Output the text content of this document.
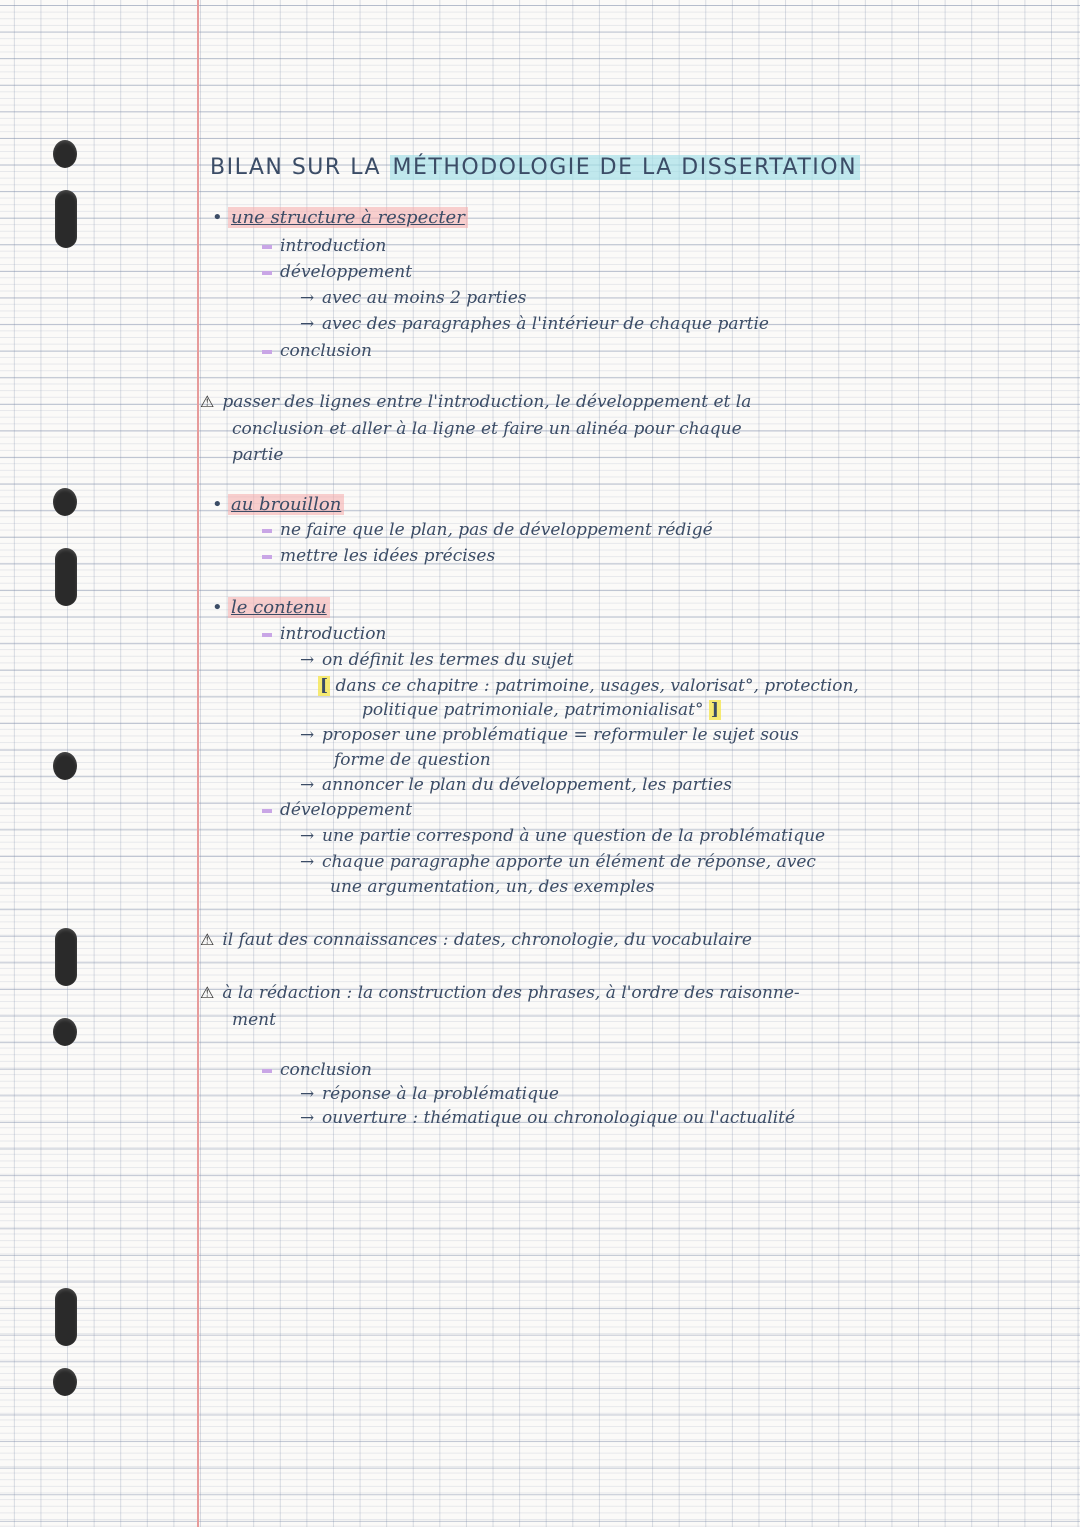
BILAN SUR LA MÉTHODOLOGIE DE LA DISSERTATION

• une structure à respecter

introduction

développement

→ avec au moins 2 parties

→ avec des paragraphes à l'intérieur de chaque partie

conclusion

⚠ passer des lignes entre l'introduction, le développement et la

conclusion et aller à la ligne et faire un alinéa pour chaque

partie

• au brouillon

ne faire que le plan, pas de développement rédigé

mettre les idées précises

• le contenu

introduction

→ on définit les termes du sujet

[ dans ce chapitre : patrimoine, usages, valorisat°, protection,

politique patrimoniale, patrimonialisat° ]

→ proposer une problématique = reformuler le sujet sous

forme de question

→ annoncer le plan du développement, les parties

développement

→ une partie correspond à une question de la problématique

→ chaque paragraphe apporte un élément de réponse, avec

une argumentation, un, des exemples

⚠ il faut des connaissances : dates, chronologie, du vocabulaire

⚠ à la rédaction : la construction des phrases, à l'ordre des raisonne-

ment

conclusion

→ réponse à la problématique

→ ouverture : thématique ou chronologique ou l'actualité
